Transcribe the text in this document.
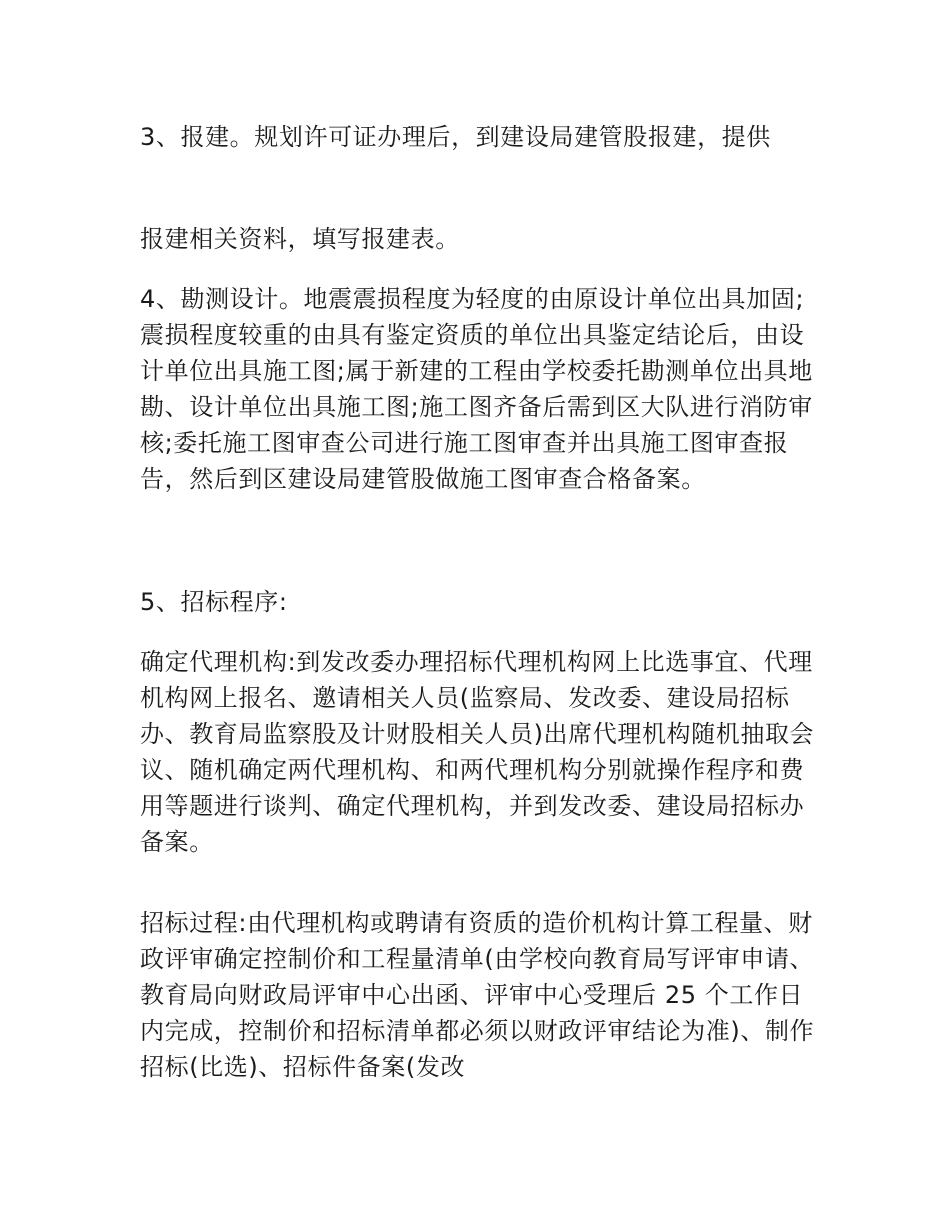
3、报建。规划许可证办理后，到建设局建管股报建，提供

报建相关资料，填写报建表。

4、勘测设计。地震震损程度为轻度的由原设计单位出具加固;震损程度较重的由具有鉴定资质的单位出具鉴定结论后，由设计单位出具施工图;属于新建的工程由学校委托勘测单位出具地勘、设计单位出具施工图;施工图齐备后需到区大队进行消防审核;委托施工图审查公司进行施工图审查并出具施工图审查报告，然后到区建设局建管股做施工图审查合格备案。

5、招标程序:

确定代理机构:到发改委办理招标代理机构网上比选事宜、代理机构网上报名、邀请相关人员(监察局、发改委、建设局招标办、教育局监察股及计财股相关人员)出席代理机构随机抽取会议、随机确定两代理机构、和两代理机构分别就操作程序和费用等题进行谈判、确定代理机构，并到发改委、建设局招标办备案。

招标过程:由代理机构或聘请有资质的造价机构计算工程量、财政评审确定控制价和工程量清单(由学校向教育局写评审申请、教育局向财政局评审中心出函、评审中心受理后 25 个工作日内完成，控制价和招标清单都必须以财政评审结论为准)、制作招标(比选)、招标件备案(发改
